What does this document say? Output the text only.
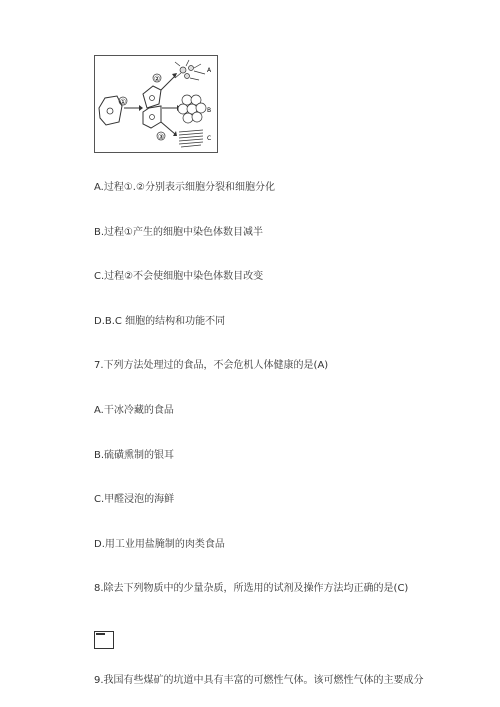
①
②
③
A
B
C
A.过程①.②分别表示细胞分裂和细胞分化
B.过程①产生的细胞中染色体数目减半
C.过程②不会使细胞中染色体数目改变
D.B.C 细胞的结构和功能不同
7.下列方法处理过的食品，不会危机人体健康的是(A)
A.干冰冷藏的食品
B.硫磺熏制的银耳
C.甲醛浸泡的海鲜
D.用工业用盐腌制的肉类食品
8.除去下列物质中的少量杂质，所选用的试剂及操作方法均正确的是(C)
9.我国有些煤矿的坑道中具有丰富的可燃性气体。该可燃性气体的主要成分
